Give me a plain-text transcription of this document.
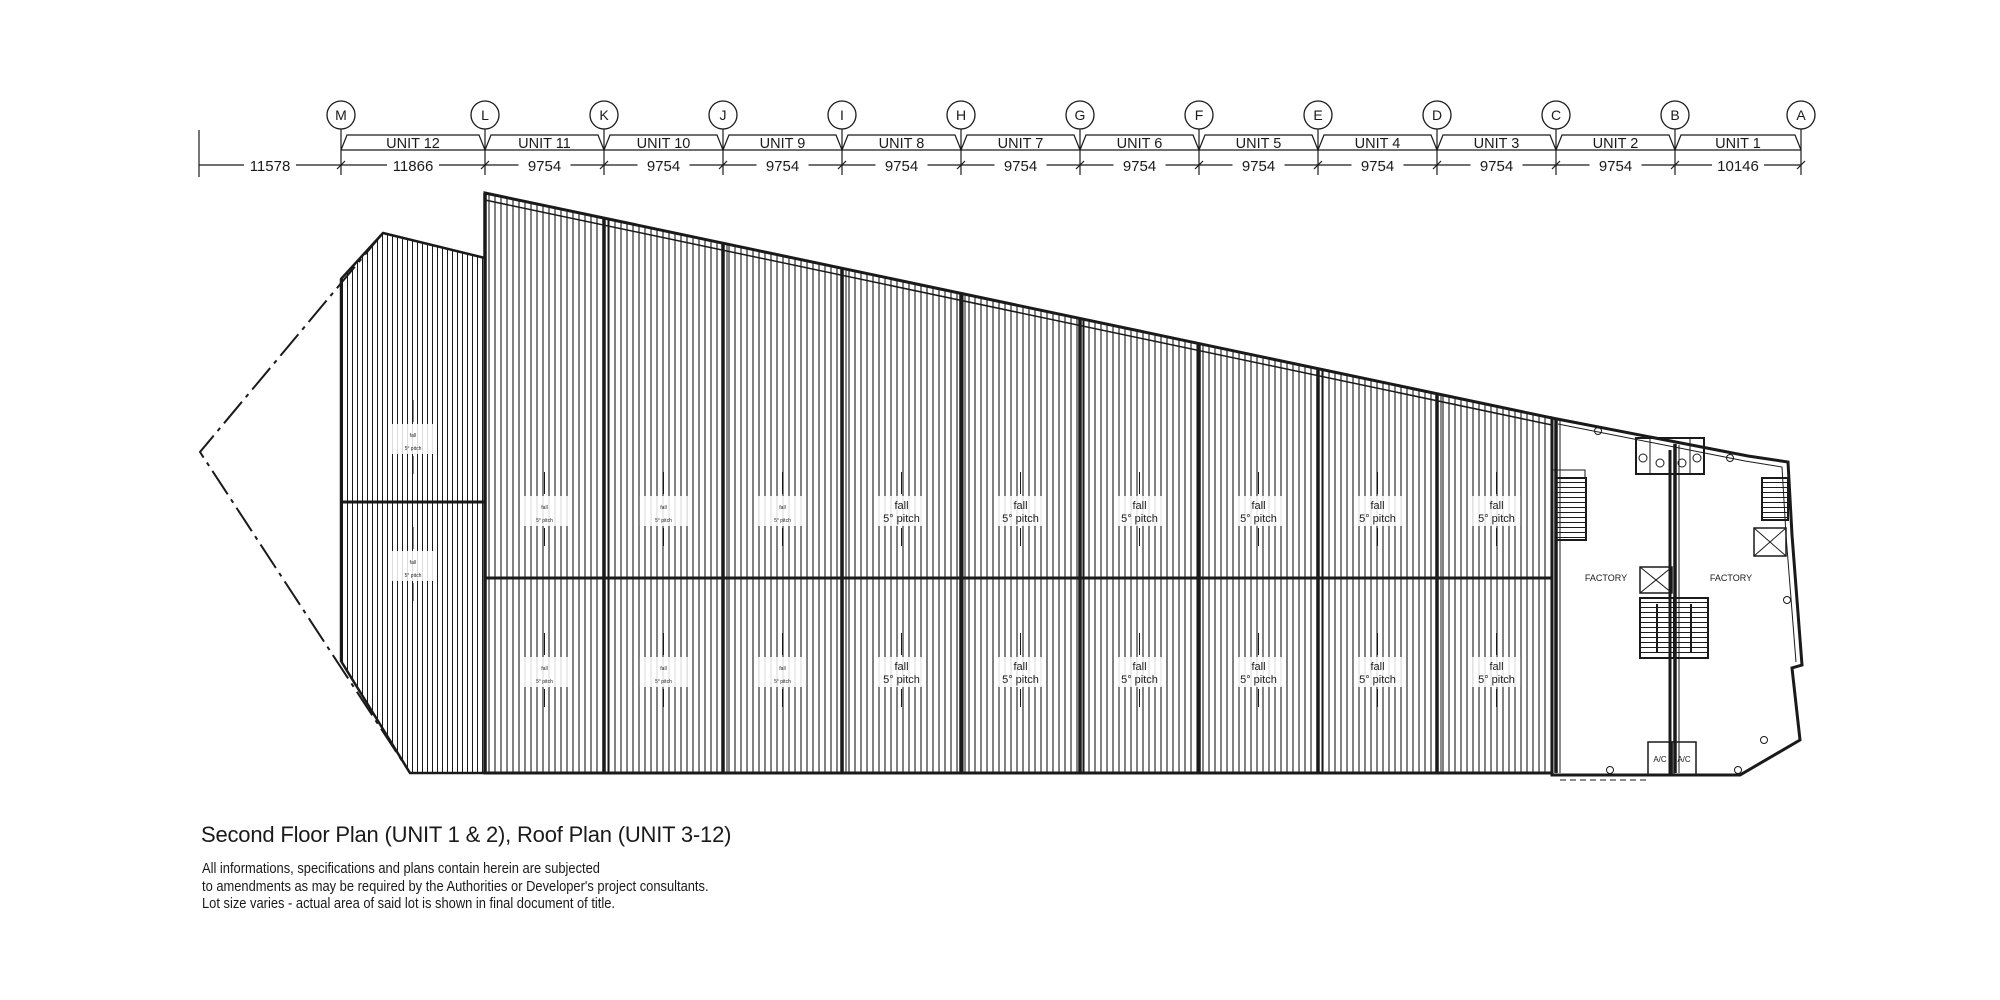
M	L	K	J	I	H	G	F	E	D	C	B	A
UNIT 12	UNIT 11	UNIT 10	UNIT 9	UNIT 8	UNIT 7	UNIT 6	UNIT 5	UNIT 4	UNIT 3	UNIT 2	UNIT 1
11578	11866	9754	9754	9754	9754	9754	9754	9754	9754	9754	9754	10146
fall
5° pitch
fall
5° pitch
fall
5° pitch
fall
5° pitch
fall
5° pitch
fall
5° pitch
fall
5° pitch
fall
5° pitch
fall
5° pitch
fall
5° pitch
fall
5° pitch
fall
5° pitch
fall
5° pitch
fall
5° pitch
fall
5° pitch
fall
5° pitch
fall
5° pitch
fall
5° pitch
fall
5° pitch
fall
5° pitch
FACTORY	FACTORY
A/C A/C
Second Floor Plan (UNIT 1 & 2), Roof Plan (UNIT 3-12)
All informations, specifications and plans contain herein are subjected
to amendments as may be required by the Authorities or Developer's project consultants.
Lot size varies - actual area of said lot is shown in final document of title.
